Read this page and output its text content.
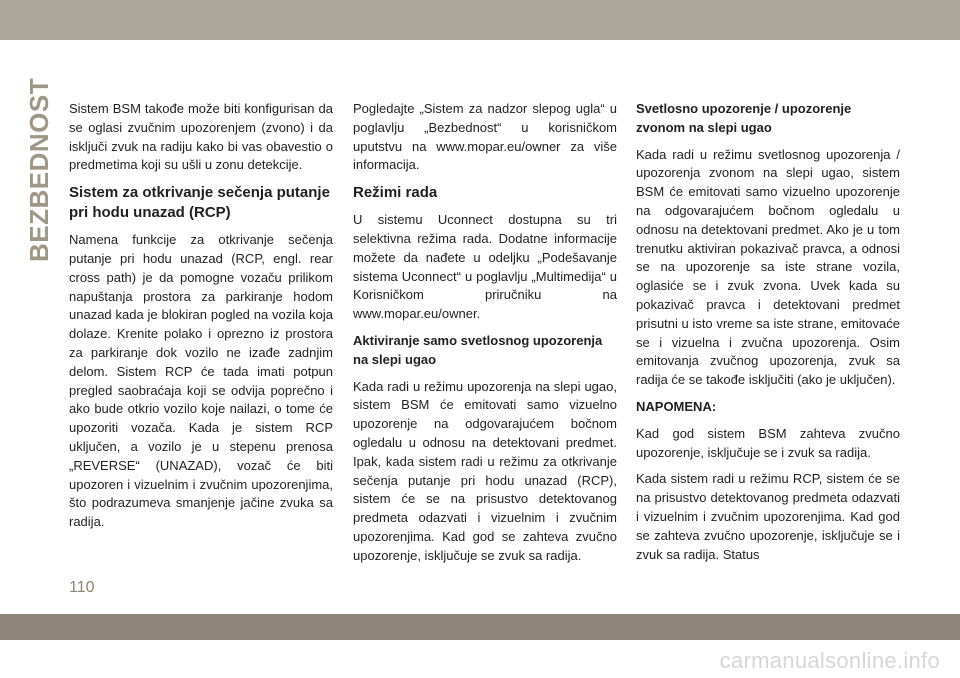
BEZBEDNOST Sistem BSM takođe može biti konfigurisan da se oglasi zvučnim upozorenjem (zvono) i da isključi zvuk na radiju kako bi vas obavestio o predmetima koji su ušli u zonu detekcije.

Sistem za otkrivanje sečenja putanje pri hodu unazad (RCP)

Namena funkcije za otkrivanje sečenja putanje pri hodu unazad (RCP, engl. rear cross path) je da pomogne vozaču prilikom napuštanja prostora za parkiranje hodom unazad kada je blokiran pogled na vozila koja dolaze. Krenite polako i oprezno iz prostora za parkiranje dok vozilo ne izađe zadnjim delom. Sistem RCP će tada imati potpun pregled saobraćaja koji se odvija poprečno i ako bude otkrio vozilo koje nailazi, o tome će upozoriti vozača. Kada je sistem RCP uključen, a vozilo je u stepenu prenosa „REVERSE“ (UNAZAD), vozač će biti upozoren i vizuelnim i zvučnim upozorenjima, što podrazumeva smanjenje jačine zvuka sa radija.

Pogledajte „Sistem za nadzor slepog ugla“ u poglavlju „Bezbednost“ u korisničkom uputstvu na www.mopar.eu/owner za više informacija.

Režimi rada

U sistemu Uconnect dostupna su tri selektivna režima rada. Dodatne informacije možete da nađete u odeljku „Podešavanje sistema Uconnect“ u poglavlju „Multimedija“ u Korisničkom priručniku na www.mopar.eu/owner.

Aktiviranje samo svetlosnog upozorenja na slepi ugao

Kada radi u režimu upozorenja na slepi ugao, sistem BSM će emitovati samo vizuelno upozorenje na odgovarajućem bočnom ogledalu u odnosu na detektovani predmet. Ipak, kada sistem radi u režimu za otkrivanje sečenja putanje pri hodu unazad (RCP), sistem će se na prisustvo detektovanog predmeta odazvati i vizuelnim i zvučnim upozorenjima. Kad god se zahteva zvučno upozorenje, isključuje se zvuk sa radija.

Svetlosno upozorenje / upozorenje zvonom na slepi ugao

Kada radi u režimu svetlosnog upozorenja / upozorenja zvonom na slepi ugao, sistem BSM će emitovati samo vizuelno upozorenje na odgovarajućem bočnom ogledalu u odnosu na detektovani predmet. Ako je u tom trenutku aktiviran pokazivač pravca, a odnosi se na upozorenje sa iste strane vozila, oglasiće se i zvuk zvona. Uvek kada su pokazivač pravca i detektovani predmet prisutni u isto vreme sa iste strane, emitovaće se i vizuelna i zvučna upozorenja. Osim emitovanja zvučnog upozorenja, zvuk sa radija će se takođe isključiti (ako je uključen).

NAPOMENA:

Kad god sistem BSM zahteva zvučno upozorenje, isključuje se i zvuk sa radija.

Kada sistem radi u režimu RCP, sistem će se na prisustvo detektovanog predmeta odazvati i vizuelnim i zvučnim upozorenjima. Kad god se zahteva zvučno upozorenje, isključuje se i zvuk sa radija. Status

110
carmanualsonline.info
